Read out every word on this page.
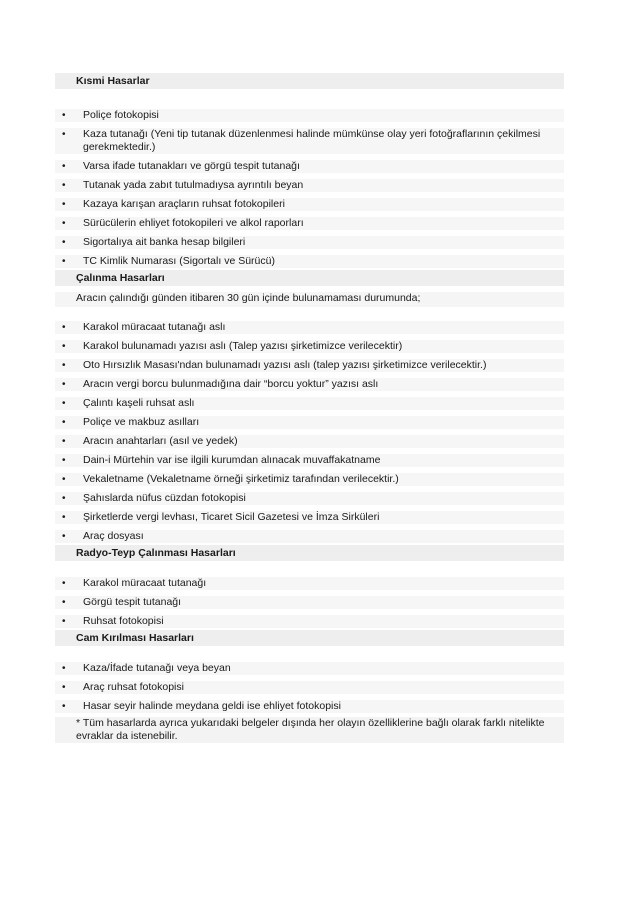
Kısmi Hasarlar
• Poliçe fotokopisi
• Kaza tutanağı (Yeni tip tutanak düzenlenmesi halinde mümkünse olay yeri fotoğraflarının çekilmesi gerekmektedir.)
• Varsa ifade tutanakları ve görgü tespit tutanağı
• Tutanak yada zabıt tutulmadıysa ayrıntılı beyan
• Kazaya karışan araçların ruhsat fotokopileri
• Sürücülerin ehliyet fotokopileri ve alkol raporları
• Sigortalıya ait banka hesap bilgileri
• TC Kimlik Numarası (Sigortalı ve Sürücü)
Çalınma Hasarları
Aracın çalındığı günden itibaren 30 gün içinde bulunamaması durumunda;
• Karakol müracaat tutanağı aslı
• Karakol bulunamadı yazısı aslı (Talep yazısı şirketimizce verilecektir)
• Oto Hırsızlık Masası'ndan bulunamadı yazısı aslı (talep yazısı şirketimizce verilecektir.)
• Aracın vergi borcu bulunmadığına dair “borcu yoktur” yazısı aslı
• Çalıntı kaşeli ruhsat aslı
• Poliçe ve makbuz asılları
• Aracın anahtarları (asıl ve yedek)
• Dain-i Mürtehin var ise ilgili kurumdan alınacak muvaffakatname
• Vekaletname (Vekaletname örneği şirketimiz tarafından verilecektir.)
• Şahıslarda nüfus cüzdan fotokopisi
• Şirketlerde vergi levhası, Ticaret Sicil Gazetesi ve İmza Sirküleri
• Araç dosyası
Radyo-Teyp Çalınması Hasarları
• Karakol müracaat tutanağı
• Görgü tespit tutanağı
• Ruhsat fotokopisi
Cam Kırılması Hasarları
• Kaza/İfade tutanağı veya beyan
• Araç ruhsat fotokopisi
• Hasar seyir halinde meydana geldi ise ehliyet fotokopisi
* Tüm hasarlarda ayrıca yukarıdaki belgeler dışında her olayın özelliklerine bağlı olarak farklı nitelikte evraklar da istenebilir.
